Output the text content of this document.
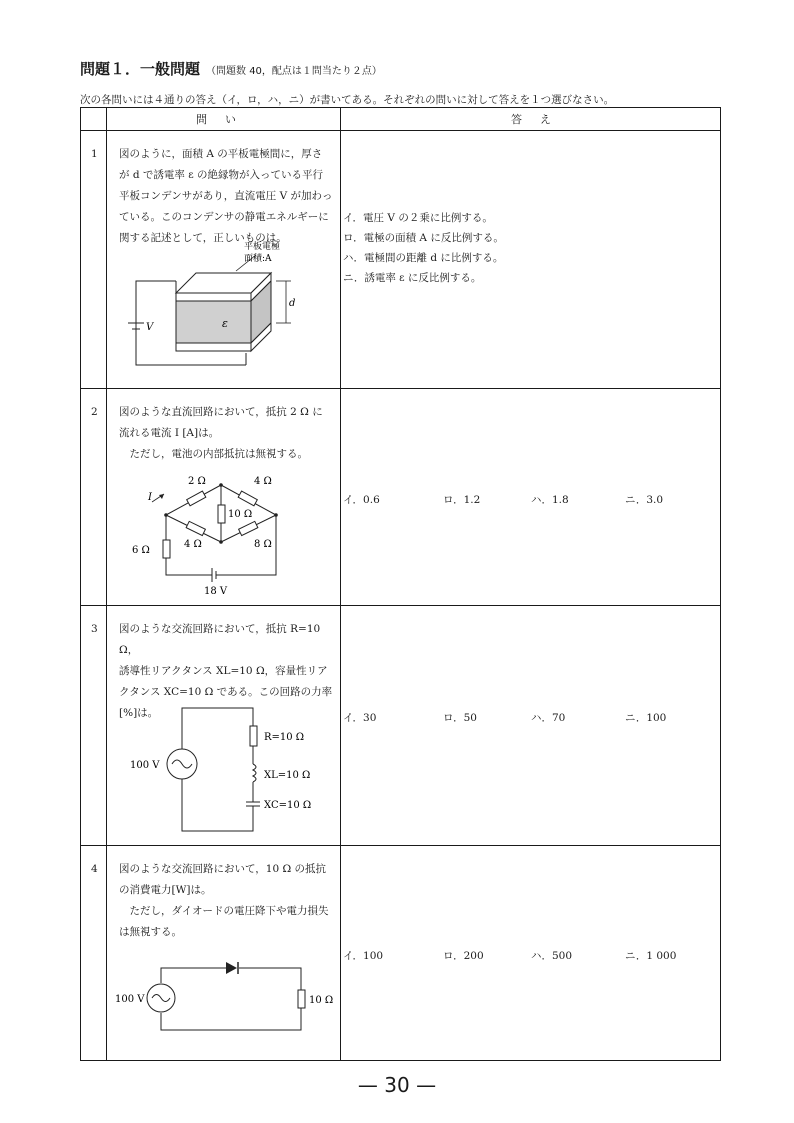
問題１．一般問題 （問題数 40，配点は１問当たり２点）
次の各問いには４通りの答え（イ，ロ，ハ，ニ）が書いてある。それぞれの問いに対して答えを１つ選びなさい。
問い	答え
1 図のように，面積 A の平板電極間に，厚さ
が d で誘電率 ε の絶縁物が入っている平行
平板コンデンサがあり，直流電圧 V が加わっ
ている。このコンデンサの静電エネルギーに
関する記述として，正しいものは。
V	ε
平板電極
面積:A
d
イ．電圧 V の２乗に比例する。
ロ．電極の面積 A に反比例する。
ハ．電極間の距離 d に比例する。
ニ．誘電率 ε に反比例する。
2 図のような直流回路において，抵抗 2 Ω に
流れる電流 I [A]は。
　ただし，電池の内部抵抗は無視する。
I
2 Ω	4 Ω
10 Ω
4 Ω	8 Ω
6 Ω
18 V
イ．0.6	ロ．1.2	ハ．1.8	ニ．3.0
3 図のような交流回路において，抵抗 R=10 Ω，
誘導性リアクタンス XL=10 Ω，容量性リア
クタンス XC=10 Ω である。この回路の力率
[%]は。
100 V
R=10 Ω
XL=10 Ω
XC=10 Ω
イ．30	ロ．50	ハ．70	ニ．100
4 図のような交流回路において，10 Ω の抵抗
の消費電力[W]は。
　ただし，ダイオードの電圧降下や電力損失
は無視する。
100 V	10 Ω
イ．100	ロ．200	ハ．500	ニ．1 000
— 30 —
